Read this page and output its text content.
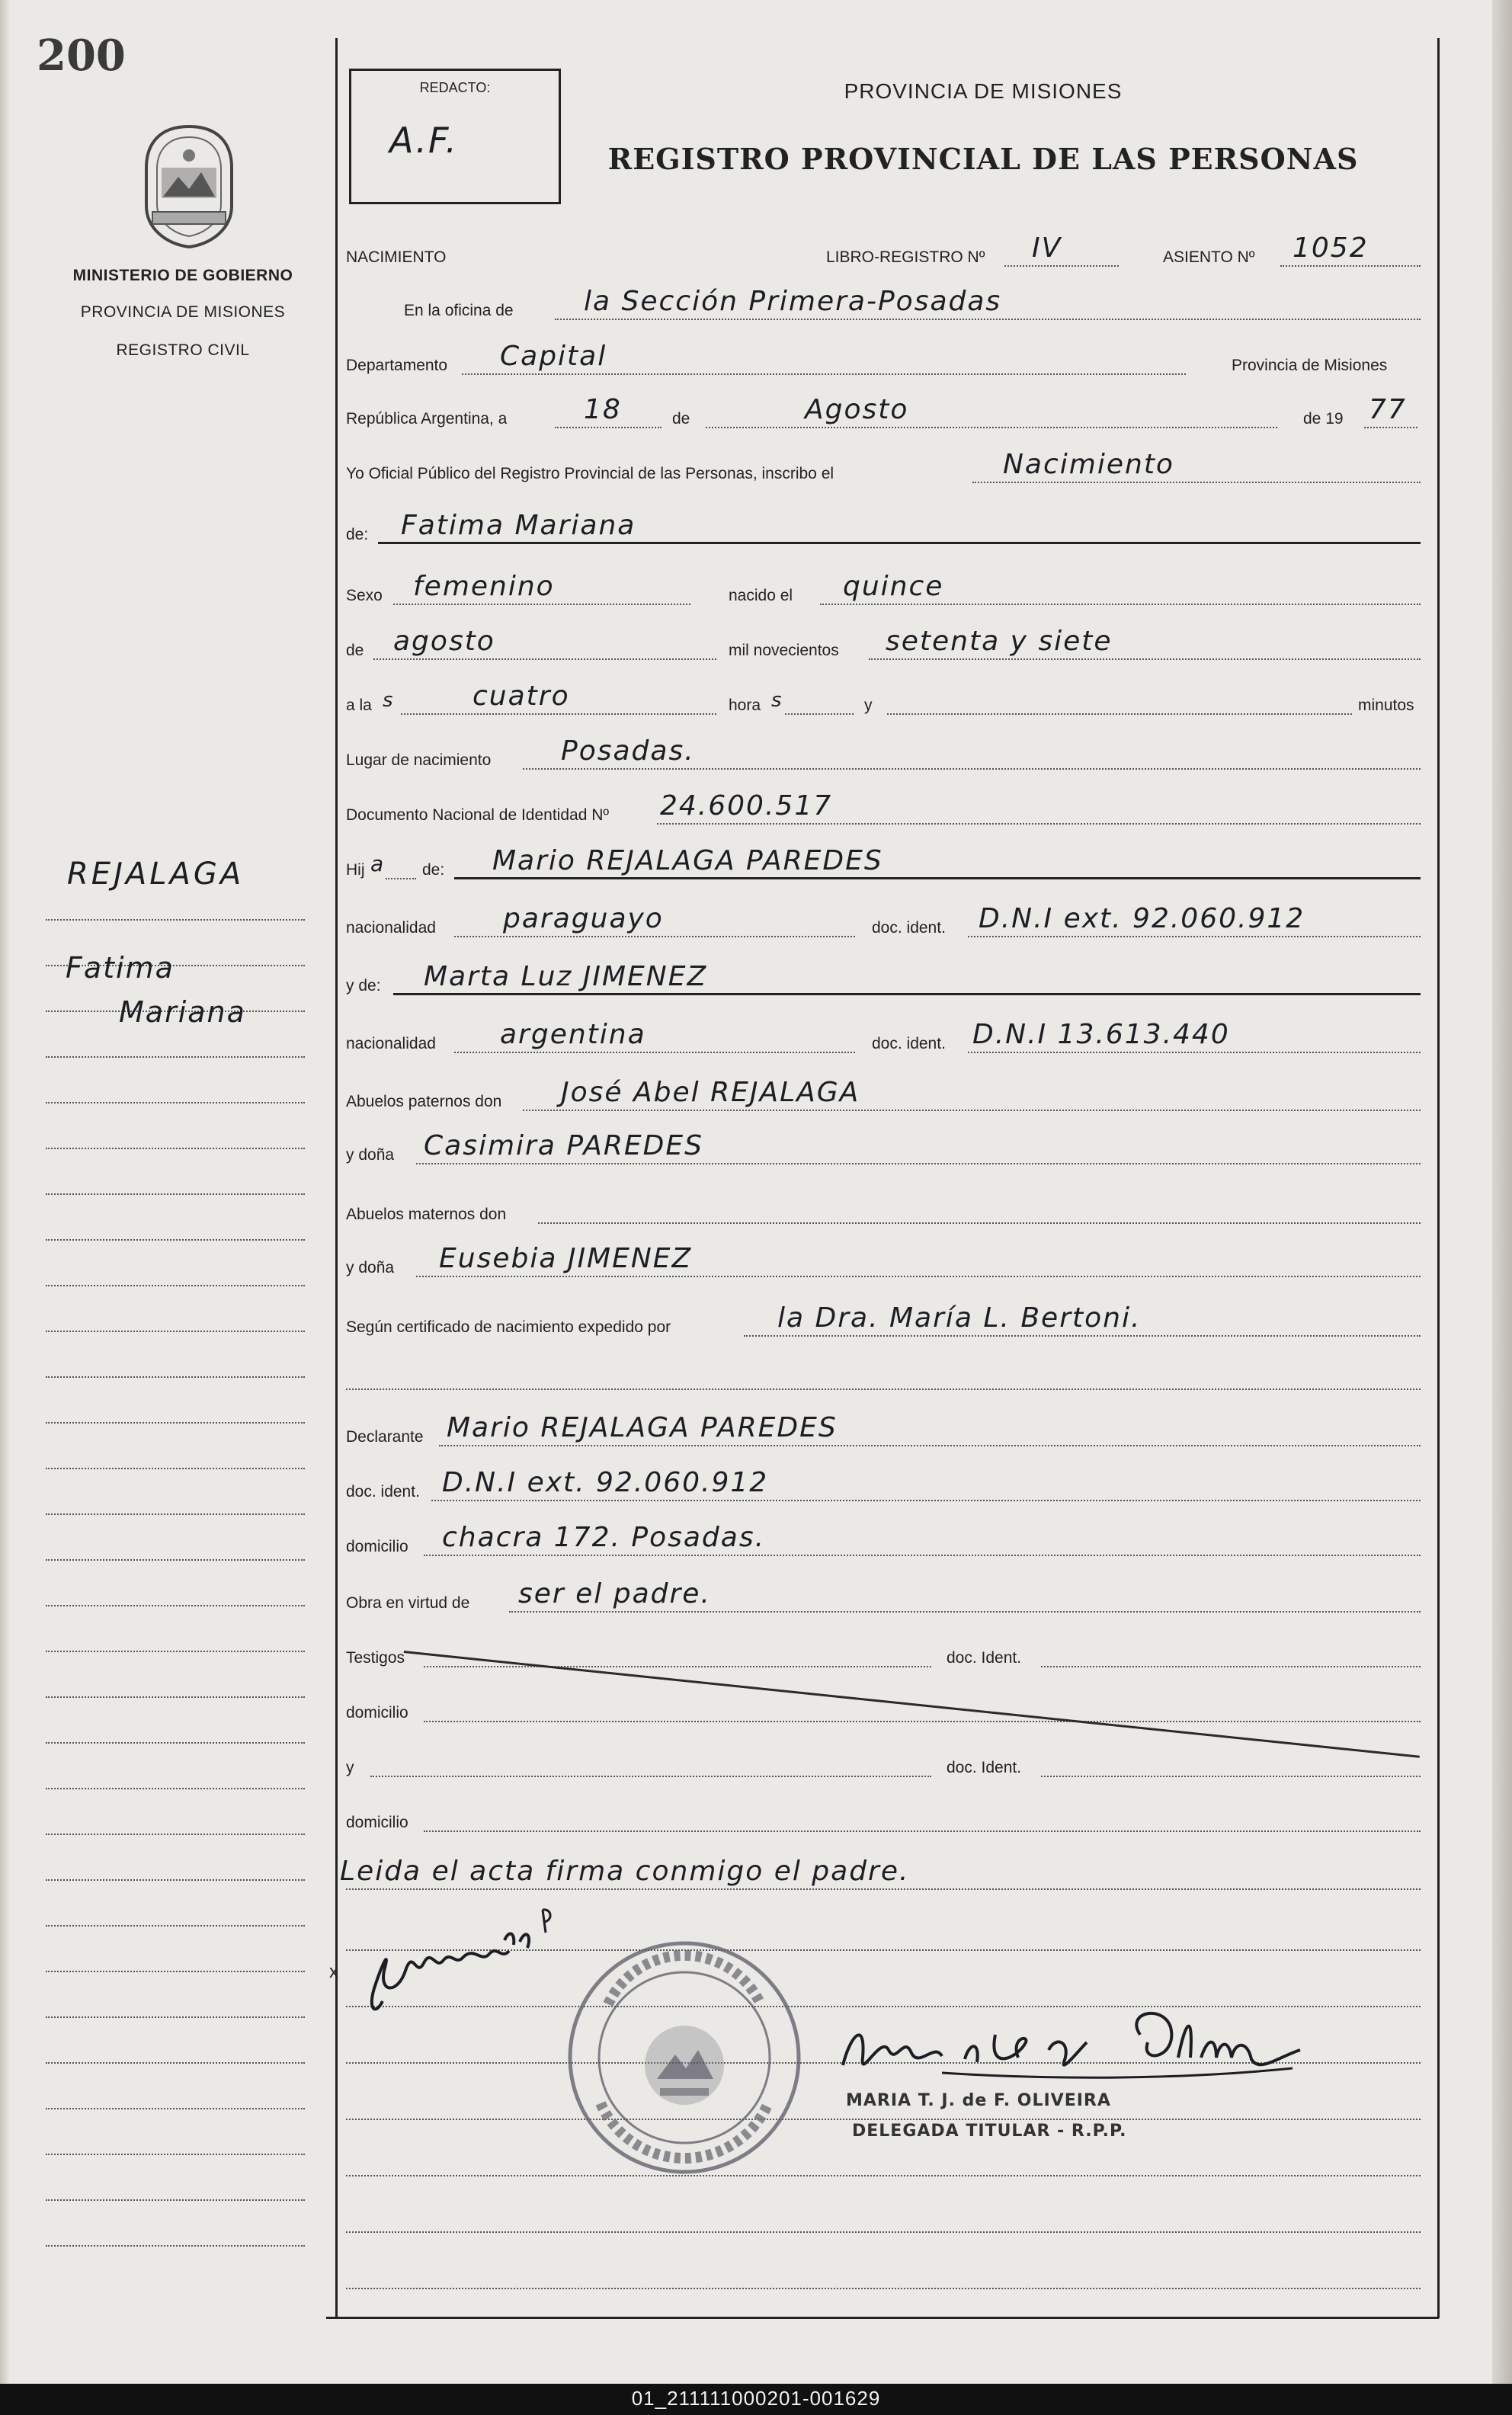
200
MINISTERIO DE GOBIERNO
PROVINCIA DE MISIONES
REGISTRO CIVIL
REJALAGA
Fatima
Mariana
REDACTO:
A.F.
PROVINCIA DE MISIONES
REGISTRO PROVINCIAL DE LAS PERSONAS
NACIMIENTO	LIBRO-REGISTRO Nº IV	ASIENTO Nº 1052
En la oficina de	la Sección Primera-Posadas
Departamento Capital	Provincia de Misiones
República Argentina, a	18	de	Agosto	de 19 77
Yo Oficial Público del Registro Provincial de las Personas, inscribo el	Nacimiento
de: Fatima Mariana
Sexo femenino	nacido el quince
de agosto	mil novecientos setenta y siete
a la s	cuatro	hora s	y	minutos
Lugar de nacimiento	Posadas.
Documento Nacional de Identidad Nº 24.600.517
Hij a de: Mario REJALAGA PAREDES
nacionalidad paraguayo	doc. ident. D.N.I ext. 92.060.912
y de: Marta Luz JIMENEZ
nacionalidad argentina	doc. ident. D.N.I 13.613.440
Abuelos paternos don José Abel REJALAGA
y doña Casimira PAREDES
Abuelos maternos don
y doña Eusebia JIMENEZ
Según certificado de nacimiento expedido por	la Dra. María L. Bertoni.
Declarante Mario REJALAGA PAREDES
doc. ident. D.N.I ext. 92.060.912
domicilio chacra 172. Posadas.
Obra en virtud de ser el padre.
Testigos	doc. Ident.
domicilio
y	doc. Ident.
domicilio
Leida el acta firma conmigo el padre.
x
MARIA T. J. de F. OLIVEIRA
DELEGADA TITULAR - R.P.P.
01_211111000201-001629
